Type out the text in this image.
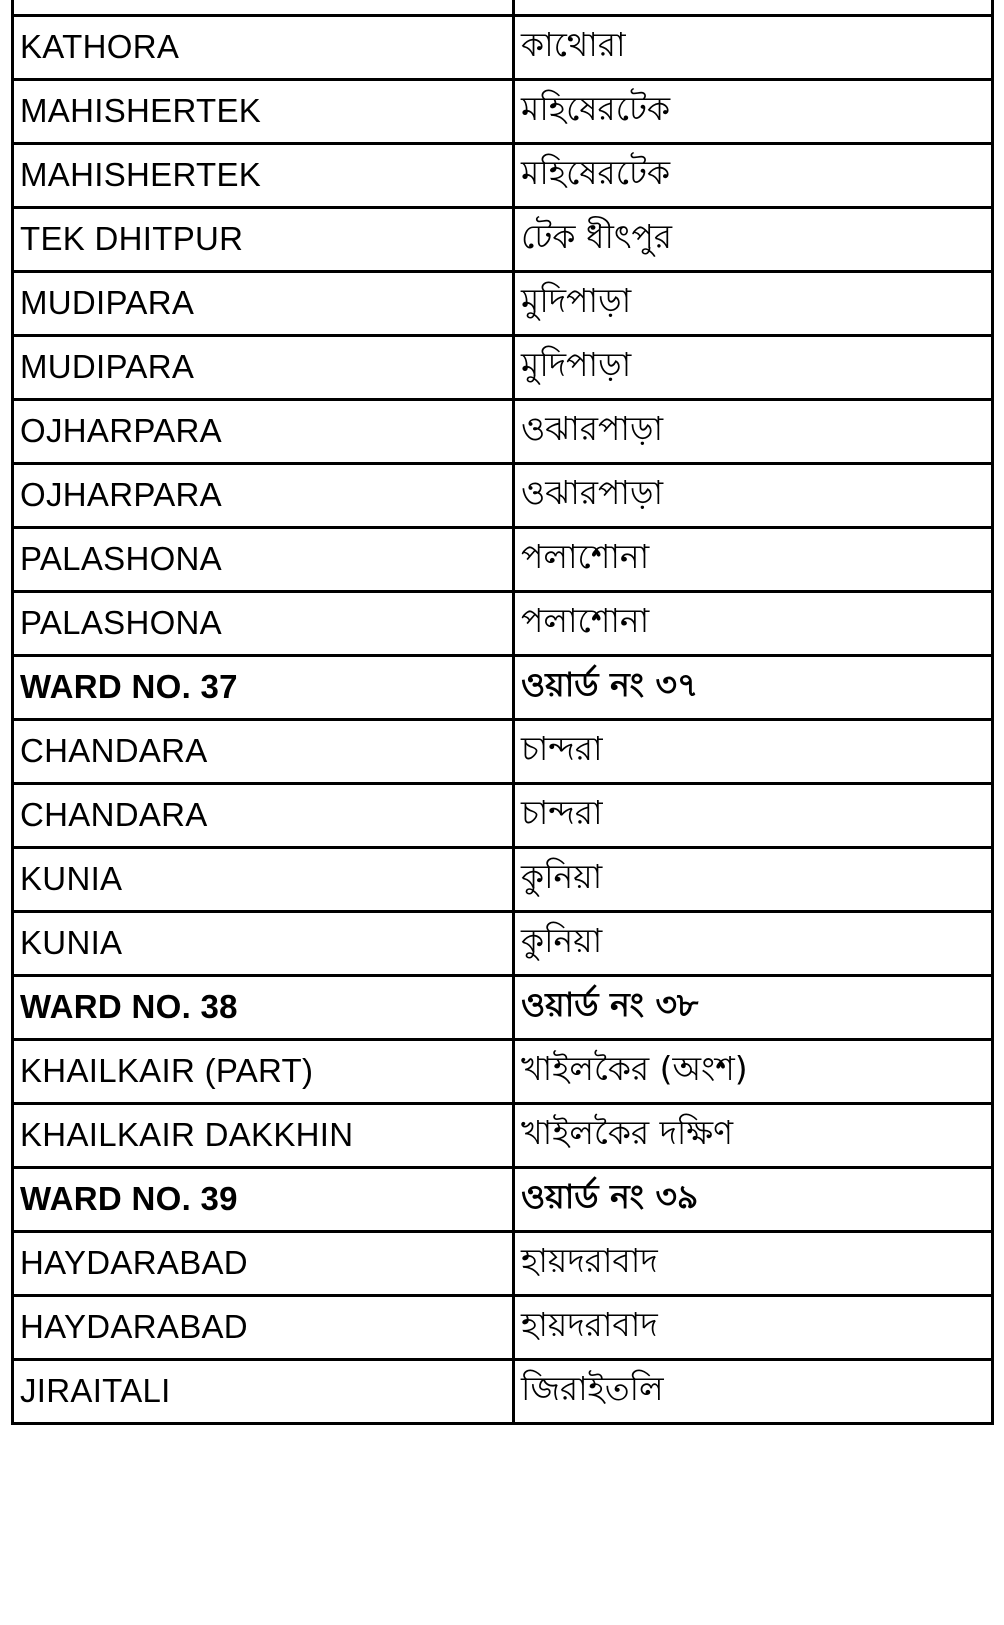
KATHORA	কাথোরা
MAHISHERTEK	মহিষেরটেক
MAHISHERTEK	মহিষেরটেক
TEK DHITPUR	টেক ধীৎপুর
MUDIPARA	মুদিপাড়া
MUDIPARA	মুদিপাড়া
OJHARPARA	ওঝারপাড়া
OJHARPARA	ওঝারপাড়া
PALASHONA	পলাশোনা
PALASHONA	পলাশোনা
WARD NO. 37	ওয়ার্ড নং ৩৭
CHANDARA	চান্দরা
CHANDARA	চান্দরা
KUNIA	কুনিয়া
KUNIA	কুনিয়া
WARD NO. 38	ওয়ার্ড নং ৩৮
KHAILKAIR (PART)	খাইলকৈর (অংশ)
KHAILKAIR DAKKHIN	খাইলকৈর দক্ষিণ
WARD NO. 39	ওয়ার্ড নং ৩৯
HAYDARABAD	হায়দরাবাদ
HAYDARABAD	হায়দরাবাদ
JIRAITALI	জিরাইতলি
